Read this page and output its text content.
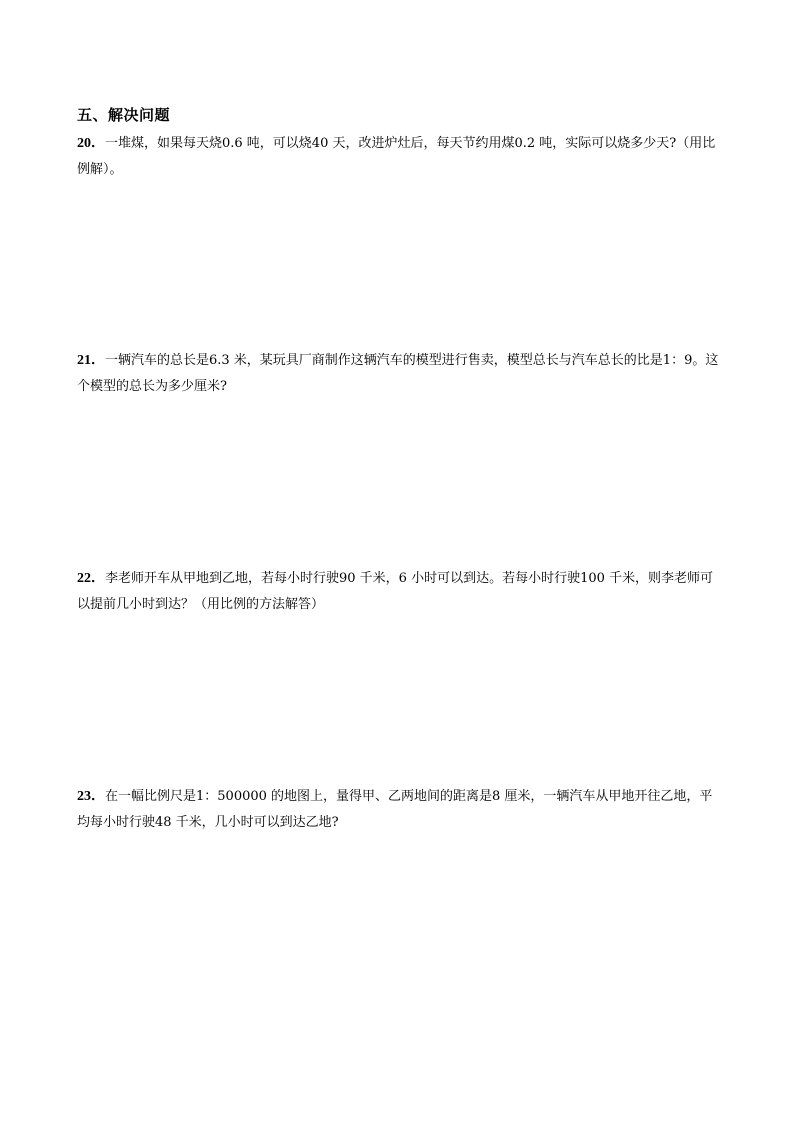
五、解决问题

20．一堆煤，如果每天烧0.6 吨，可以烧40 天，改进炉灶后，每天节约用煤0.2 吨，实际可以烧多少天?（用比例解）。

21．一辆汽车的总长是6.3 米，某玩具厂商制作这辆汽车的模型进行售卖，模型总长与汽车总长的比是1：9。这个模型的总长为多少厘米?

22．李老师开车从甲地到乙地，若每小时行驶90 千米，6 小时可以到达。若每小时行驶100 千米，则李老师可以提前几小时到达？（用比例的方法解答）

23．在一幅比例尺是1：500000 的地图上，量得甲、乙两地间的距离是8 厘米，一辆汽车从甲地开往乙地，平均每小时行驶48 千米，几小时可以到达乙地?
